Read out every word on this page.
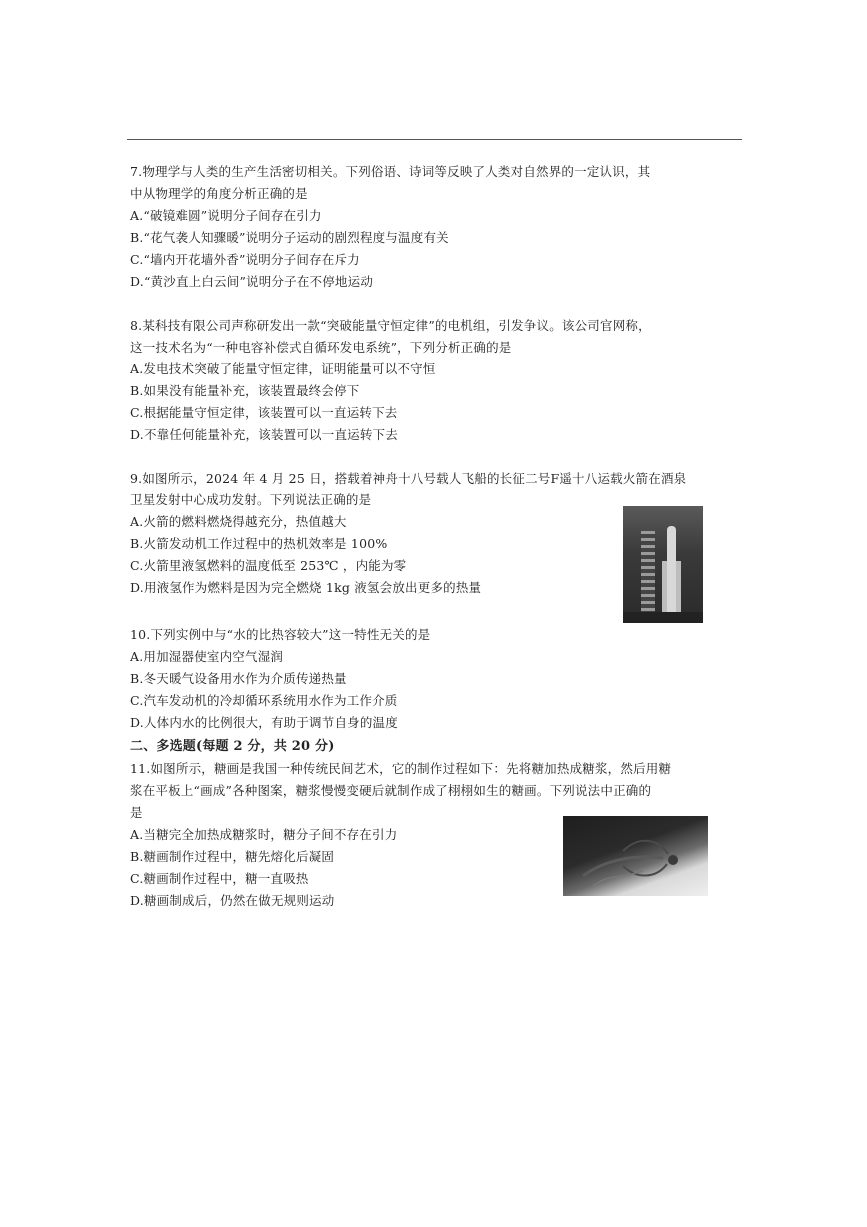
7.物理学与人类的生产生活密切相关。下列俗语、诗词等反映了人类对自然界的一定认识，其
中从物理学的角度分析正确的是
A.“破镜难圆”说明分子间存在引力
B.“花气袭人知骤暖”说明分子运动的剧烈程度与温度有关
C.“墙内开花墙外香”说明分子间存在斥力
D.“黄沙直上白云间”说明分子在不停地运动
8.某科技有限公司声称研发出一款“突破能量守恒定律”的电机组，引发争议。该公司官网称，
这一技术名为“一种电容补偿式自循环发电系统”，下列分析正确的是
A.发电技术突破了能量守恒定律，证明能量可以不守恒
B.如果没有能量补充，该装置最终会停下
C.根据能量守恒定律，该装置可以一直运转下去
D.不靠任何能量补充，该装置可以一直运转下去
9.如图所示，2024 年 4 月 25 日，搭载着神舟十八号载人飞船的长征二号F遥十八运载火箭在酒泉
卫星发射中心成功发射。下列说法正确的是
A.火箭的燃料燃烧得越充分，热值越大
B.火箭发动机工作过程中的热机效率是 100%
C.火箭里液氢燃料的温度低至 253℃ ，内能为零
D.用液氢作为燃料是因为完全燃烧 1kg 液氢会放出更多的热量
10.下列实例中与“水的比热容较大”这一特性无关的是
A.用加湿器使室内空气湿润
B.冬天暖气设备用水作为介质传递热量
C.汽车发动机的冷却循环系统用水作为工作介质
D.人体内水的比例很大，有助于调节自身的温度
二、多选题(每题 2 分，共 20 分)
11.如图所示，糖画是我国一种传统民间艺术，它的制作过程如下：先将糖加热成糖浆，然后用糖
浆在平板上“画成”各种图案，糖浆慢慢变硬后就制作成了栩栩如生的糖画。下列说法中正确的
是
A.当糖完全加热成糖浆时，糖分子间不存在引力
B.糖画制作过程中，糖先熔化后凝固
C.糖画制作过程中，糖一直吸热
D.糖画制成后，仍然在做无规则运动
